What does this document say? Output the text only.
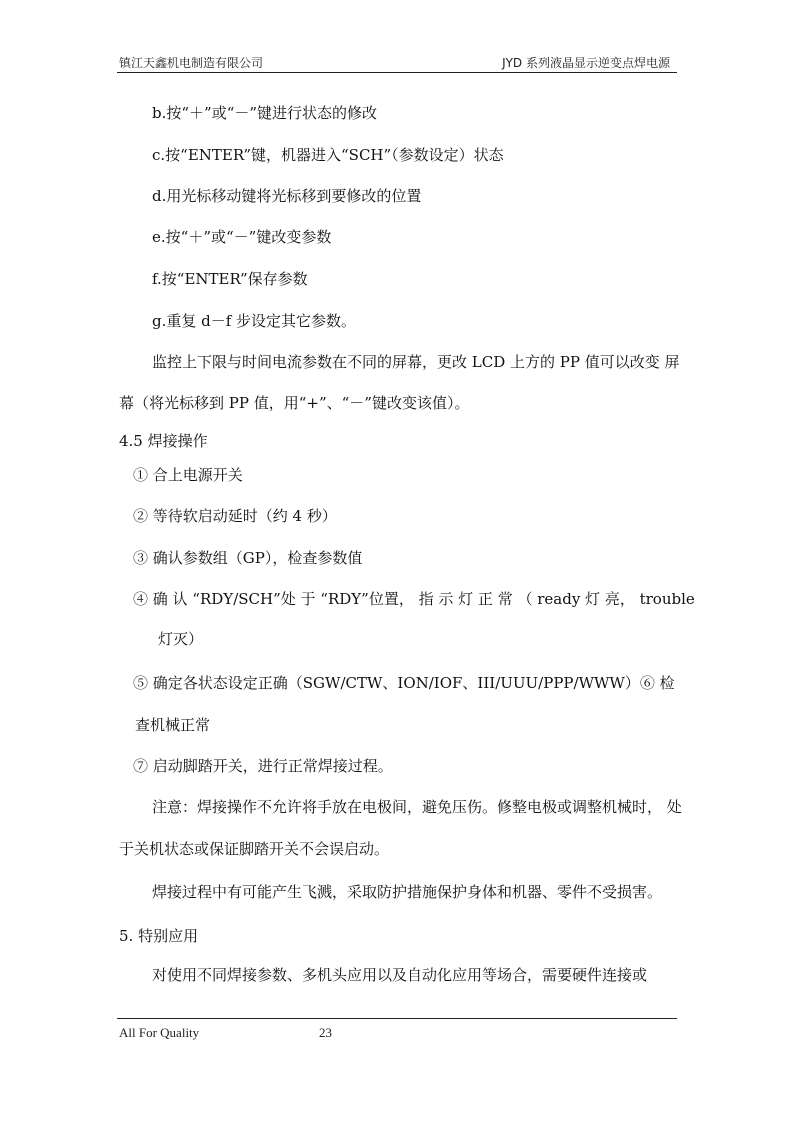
镇江天鑫机电制造有限公司	JYD 系列液晶显示逆变点焊电源
b.按“＋”或“－”键进行状态的修改
c.按“ENTER”键，机器进入“SCH”（参数设定）状态
d.用光标移动键将光标移到要修改的位置
e.按“＋”或“－”键改变参数
f.按“ENTER”保存参数
g.重复 d－f 步设定其它参数。
监控上下限与时间电流参数在不同的屏幕，更改 LCD 上方的 PP 值可以改变 屏
幕（将光标移到 PP 值，用“+”、“－”键改变该值）。
4.5 焊接操作
① 合上电源开关
② 等待软启动延时（约 4 秒）
③ 确认参数组（GP），检查参数值
④ 确 认 “RDY/SCH”处 于 “RDY”位置， 指 示 灯 正 常 （ ready 灯 亮， trouble
灯灭）
⑤ 确定各状态设定正确（SGW/CTW、ION/IOF、III/UUU/PPP/WWW）⑥ 检
查机械正常
⑦ 启动脚踏开关，进行正常焊接过程。
注意：焊接操作不允许将手放在电极间，避免压伤。修整电极或调整机械时， 处
于关机状态或保证脚踏开关不会误启动。
焊接过程中有可能产生飞溅，采取防护措施保护身体和机器、零件不受损害。
5. 特别应用
对使用不同焊接参数、多机头应用以及自动化应用等场合，需要硬件连接或
All For Quality	23
